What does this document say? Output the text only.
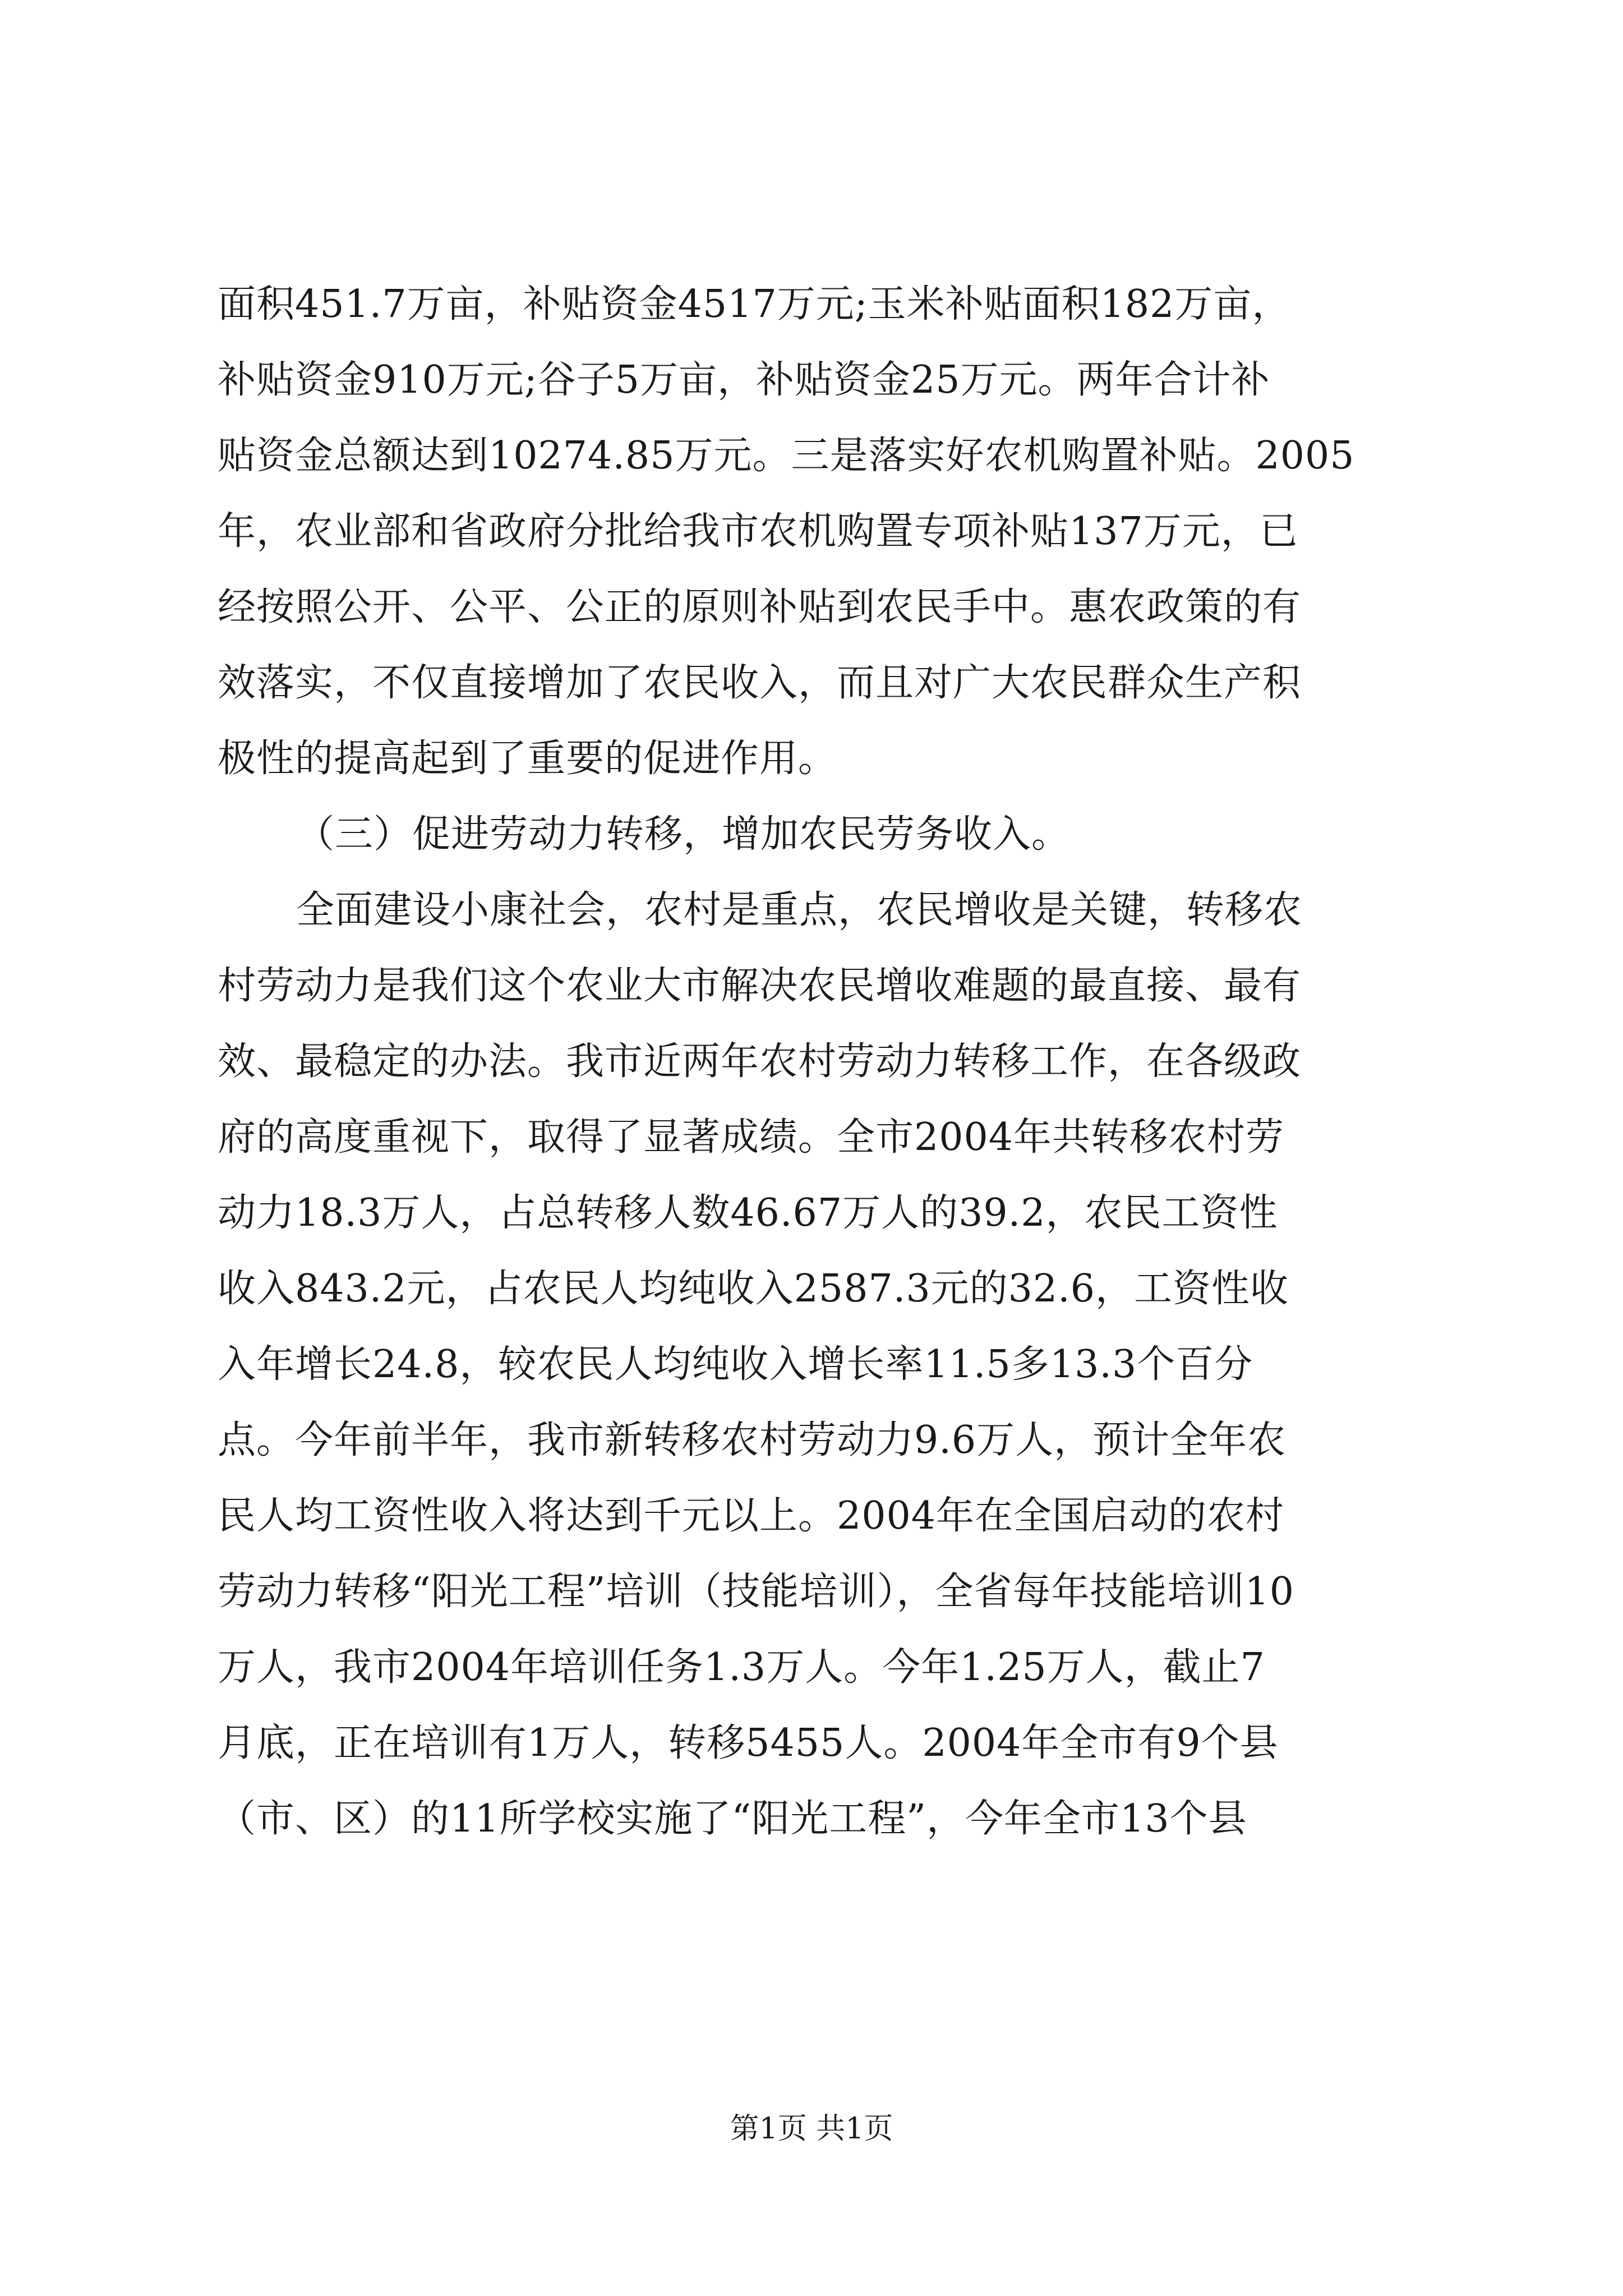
面积451.7万亩，补贴资金4517万元;玉米补贴面积182万亩，
补贴资金910万元;谷子5万亩，补贴资金25万元。两年合计补
贴资金总额达到10274.85万元。三是落实好农机购置补贴。2005
年，农业部和省政府分批给我市农机购置专项补贴137万元，已
经按照公开、公平、公正的原则补贴到农民手中。惠农政策的有
效落实，不仅直接增加了农民收入，而且对广大农民群众生产积
极性的提高起到了重要的促进作用。
（三）促进劳动力转移，增加农民劳务收入。
全面建设小康社会，农村是重点，农民增收是关键，转移农
村劳动力是我们这个农业大市解决农民增收难题的最直接、最有
效、最稳定的办法。我市近两年农村劳动力转移工作，在各级政
府的高度重视下，取得了显著成绩。全市2004年共转移农村劳
动力18.3万人，占总转移人数46.67万人的39.2，农民工资性
收入843.2元，占农民人均纯收入2587.3元的32.6，工资性收
入年增长24.8，较农民人均纯收入增长率11.5多13.3个百分
点。今年前半年，我市新转移农村劳动力9.6万人，预计全年农
民人均工资性收入将达到千元以上。2004年在全国启动的农村
劳动力转移“阳光工程”培训（技能培训），全省每年技能培训10
万人，我市2004年培训任务1.3万人。今年1.25万人，截止7
月底，正在培训有1万人，转移5455人。2004年全市有9个县
（市、区）的11所学校实施了“阳光工程”，今年全市13个县
第1页 共1页
